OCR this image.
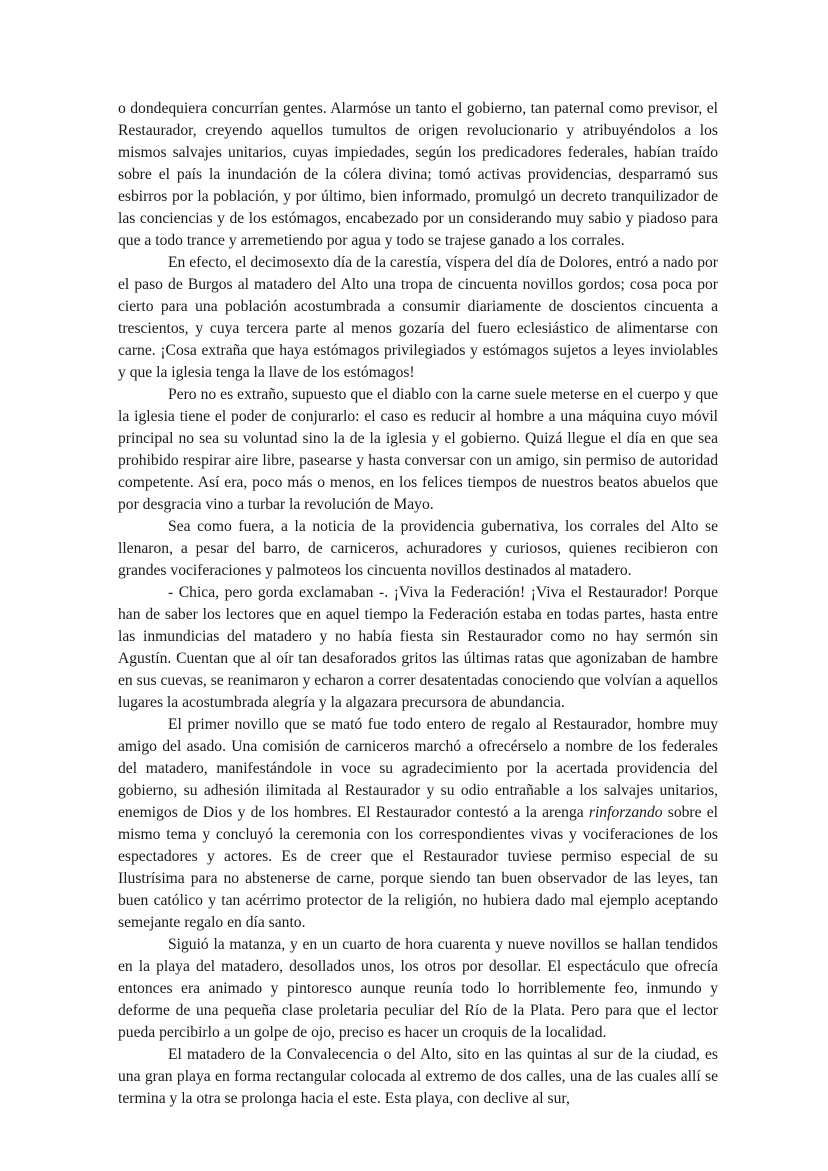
o dondequiera concurrían gentes. Alarmóse un tanto el gobierno, tan paternal como previsor, el Restaurador, creyendo aquellos tumultos de origen revolucionario y atribuyéndolos a los mismos salvajes unitarios, cuyas impiedades, según los predicadores federales, habían traído sobre el país la inundación de la cólera divina; tomó activas providencias, desparramó sus esbirros por la población, y por último, bien informado, promulgó un decreto tranquilizador de las conciencias y de los estómagos, encabezado por un considerando muy sabio y piadoso para que a todo trance y arremetiendo por agua y todo se trajese ganado a los corrales.

En efecto, el decimosexto día de la carestía, víspera del día de Dolores, entró a nado por el paso de Burgos al matadero del Alto una tropa de cincuenta novillos gordos; cosa poca por cierto para una población acostumbrada a consumir diariamente de doscientos cincuenta a trescientos, y cuya tercera parte al menos gozaría del fuero eclesiástico de alimentarse con carne. ¡Cosa extraña que haya estómagos privilegiados y estómagos sujetos a leyes inviolables y que la iglesia tenga la llave de los estómagos!

Pero no es extraño, supuesto que el diablo con la carne suele meterse en el cuerpo y que la iglesia tiene el poder de conjurarlo: el caso es reducir al hombre a una máquina cuyo móvil principal no sea su voluntad sino la de la iglesia y el gobierno. Quizá llegue el día en que sea prohibido respirar aire libre, pasearse y hasta conversar con un amigo, sin permiso de autoridad competente. Así era, poco más o menos, en los felices tiempos de nuestros beatos abuelos que por desgracia vino a turbar la revolución de Mayo.

Sea como fuera, a la noticia de la providencia gubernativa, los corrales del Alto se llenaron, a pesar del barro, de carniceros, achuradores y curiosos, quienes recibieron con grandes vociferaciones y palmoteos los cincuenta novillos destinados al matadero.

- Chica, pero gorda exclamaban -. ¡Viva la Federación! ¡Viva el Restaurador! Porque han de saber los lectores que en aquel tiempo la Federación estaba en todas partes, hasta entre las inmundicias del matadero y no había fiesta sin Restaurador como no hay sermón sin Agustín. Cuentan que al oír tan desaforados gritos las últimas ratas que agonizaban de hambre en sus cuevas, se reanimaron y echaron a correr desatentadas conociendo que volvían a aquellos lugares la acostumbrada alegría y la algazara precursora de abundancia.

El primer novillo que se mató fue todo entero de regalo al Restaurador, hombre muy amigo del asado. Una comisión de carniceros marchó a ofrecérselo a nombre de los federales del matadero, manifestándole in voce su agradecimiento por la acertada providencia del gobierno, su adhesión ilimitada al Restaurador y su odio entrañable a los salvajes unitarios, enemigos de Dios y de los hombres. El Restaurador contestó a la arenga rinforzando sobre el mismo tema y concluyó la ceremonia con los correspondientes vivas y vociferaciones de los espectadores y actores. Es de creer que el Restaurador tuviese permiso especial de su Ilustrísima para no abstenerse de carne, porque siendo tan buen observador de las leyes, tan buen católico y tan acérrimo protector de la religión, no hubiera dado mal ejemplo aceptando semejante regalo en día santo.

Siguió la matanza, y en un cuarto de hora cuarenta y nueve novillos se hallan tendidos en la playa del matadero, desollados unos, los otros por desollar. El espectáculo que ofrecía entonces era animado y pintoresco aunque reunía todo lo horriblemente feo, inmundo y deforme de una pequeña clase proletaria peculiar del Río de la Plata. Pero para que el lector pueda percibirlo a un golpe de ojo, preciso es hacer un croquis de la localidad.

El matadero de la Convalecencia o del Alto, sito en las quintas al sur de la ciudad, es una gran playa en forma rectangular colocada al extremo de dos calles, una de las cuales allí se termina y la otra se prolonga hacia el este. Esta playa, con declive al sur,
